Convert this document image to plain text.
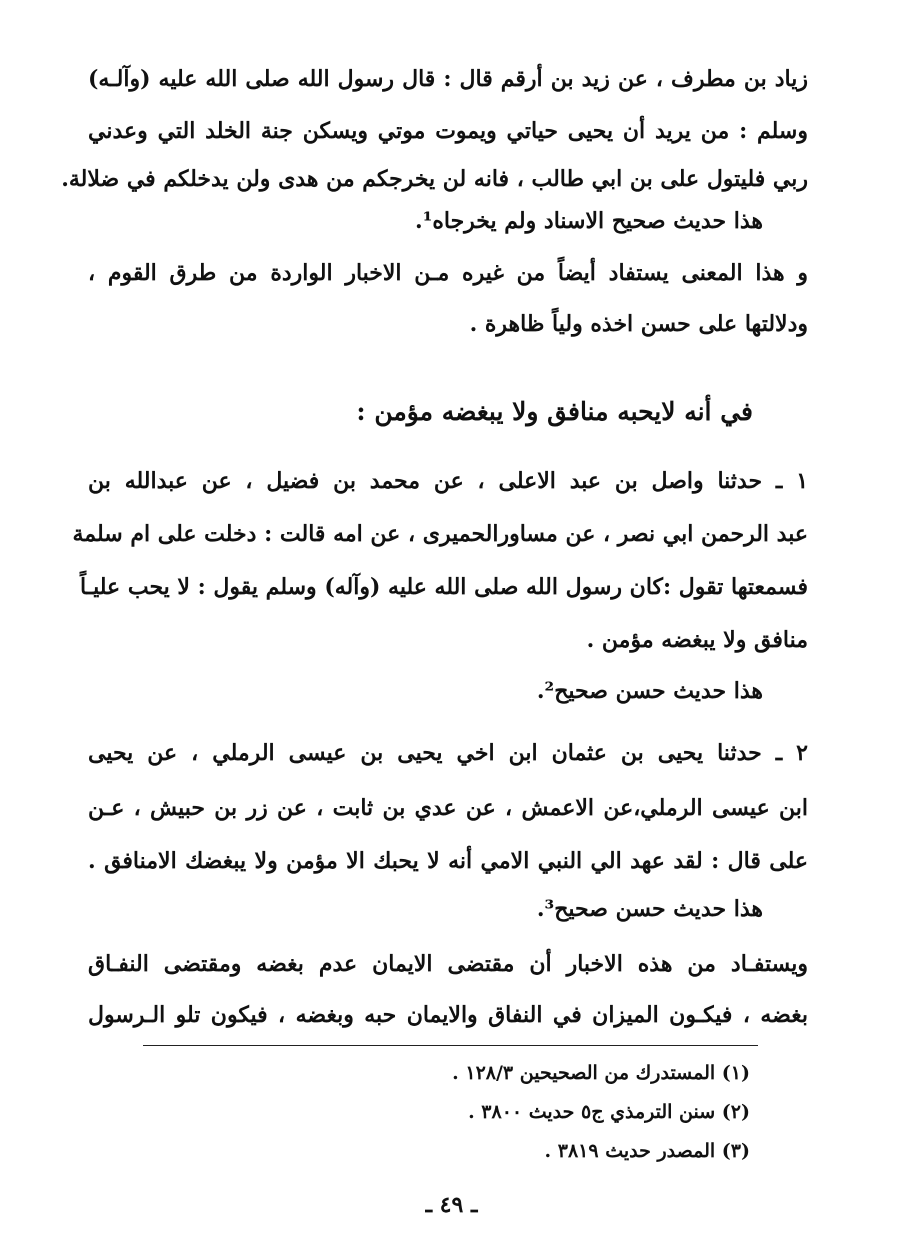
زياد بن مطرف ، عن زيد بن أرقم قال : قال رسول الله صلى الله عليه (وآلـه)
وسلم : من يريد أن يحيى حياتي ويموت موتي ويسكن جنة الخلد التي وعدني
ربي فليتول على بن ابي طالب ، فانه لن يخرجكم من هدى ولن يدخلكم في ضلالة.
هذا حديث صحيح الاسناد ولم يخرجاه¹.
و هذا المعنى يستفاد أيضاً من غيره مـن الاخبار الواردة من طرق القوم ،
ودلالتها على حسن اخذه ولياً ظاهرة .
في أنه لايحبه منافق ولا يبغضه مؤمن :
١ ـ حدثنا واصل بن عبد الاعلى ، عن محمد بن فضيل ، عن عبدالله بن
عبد الرحمن ابي نصر ، عن مساورالحميرى ، عن امه قالت : دخلت على ام سلمة
فسمعتها تقول :كان رسول الله صلى الله عليه (وآله) وسلم يقول : لا يحب عليـاً
منافق ولا يبغضه مؤمن .
هذا حديث حسن صحيح².
٢ ـ حدثنا يحيى بن عثمان ابن اخي يحيى بن عيسى الرملي ، عن يحيى
ابن عيسى الرملي،عن الاعمش ، عن عدي بن ثابت ، عن زر بن حبيش ، عـن
على قال : لقد عهد الي النبي الامي أنه لا يحبك الا مؤمن ولا يبغضك الامنافق .
هذا حديث حسن صحيح³.
ويستفـاد من هذه الاخبار أن مقتضى الايمان عدم بغضه ومقتضى النفـاق
بغضه ، فيكـون الميزان في النفاق والايمان حبه وبغضه ، فيكون تلو الـرسول
(١) المستدرك من الصحيحين ١٢٨/٣ .
(٢) سنن الترمذي ج٥ حديث ٣٨٠٠ .
(٣) المصدر حديث ٣٨١٩ .
ـ ٤٩ ـ
